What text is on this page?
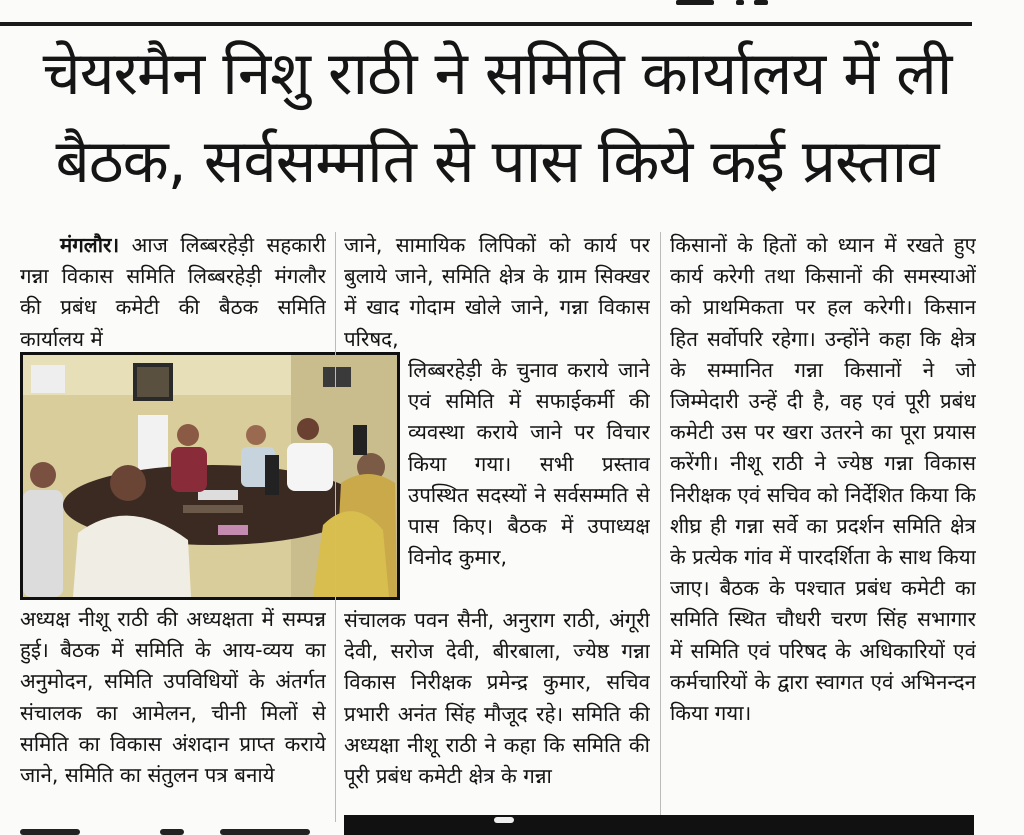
चेयरमैन निशु राठी ने समिति कार्यालय में ली बैठक, सर्वसम्मति से पास किये कई प्रस्ताव

मंगलौर। आज लिब्बरहेड़ी सहकारी गन्ना विकास समिति लिब्बरहेड़ी मंगलौर की प्रबंध कमेटी की बैठक समिति कार्यालय में

अध्यक्ष नीशू राठी की अध्यक्षता में सम्पन्न हुई। बैठक में समिति के आय-व्यय का अनुमोदन, समिति उपविधियों के अंतर्गत संचालक का आमेलन, चीनी मिलों से समिति का विकास अंशदान प्राप्त कराये जाने, समिति का संतुलन पत्र बनाये

जाने, सामायिक लिपिकों को कार्य पर बुलाये जाने, समिति क्षेत्र के ग्राम सिक्खर में खाद गोदाम खोले जाने, गन्ना विकास परिषद,

लिब्बरहेड़ी के चुनाव कराये जाने एवं समिति में सफाईकर्मी की व्यवस्था कराये जाने पर विचार किया गया। सभी प्रस्ताव उपस्थित सदस्यों ने सर्वसम्मति से पास किए। बैठक में उपाध्यक्ष विनोद कुमार,

संचालक पवन सैनी, अनुराग राठी, अंगूरी देवी, सरोज देवी, बीरबाला, ज्येष्ठ गन्ना विकास निरीक्षक प्रमेन्द्र कुमार, सचिव प्रभारी अनंत सिंह मौजूद रहे। समिति की अध्यक्षा नीशू राठी ने कहा कि समिति की पूरी प्रबंध कमेटी क्षेत्र के गन्ना

किसानों के हितों को ध्यान में रखते हुए कार्य करेगी तथा किसानों की समस्याओं को प्राथमिकता पर हल करेगी। किसान हित सर्वोपरि रहेगा। उन्होंने कहा कि क्षेत्र के सम्मानित गन्ना किसानों ने जो जिम्मेदारी उन्हें दी है, वह एवं पूरी प्रबंध कमेटी उस पर खरा उतरने का पूरा प्रयास करेंगी। नीशू राठी ने ज्येष्ठ गन्ना विकास निरीक्षक एवं सचिव को निर्देशित किया कि शीघ्र ही गन्ना सर्वे का प्रदर्शन समिति क्षेत्र के प्रत्येक गांव में पारदर्शिता के साथ किया जाए। बैठक के पश्चात प्रबंध कमेटी का समिति स्थित चौधरी चरण सिंह सभागार में समिति एवं परिषद के अधिकारियों एवं कर्मचारियों के द्वारा स्वागत एवं अभिनन्दन किया गया।
